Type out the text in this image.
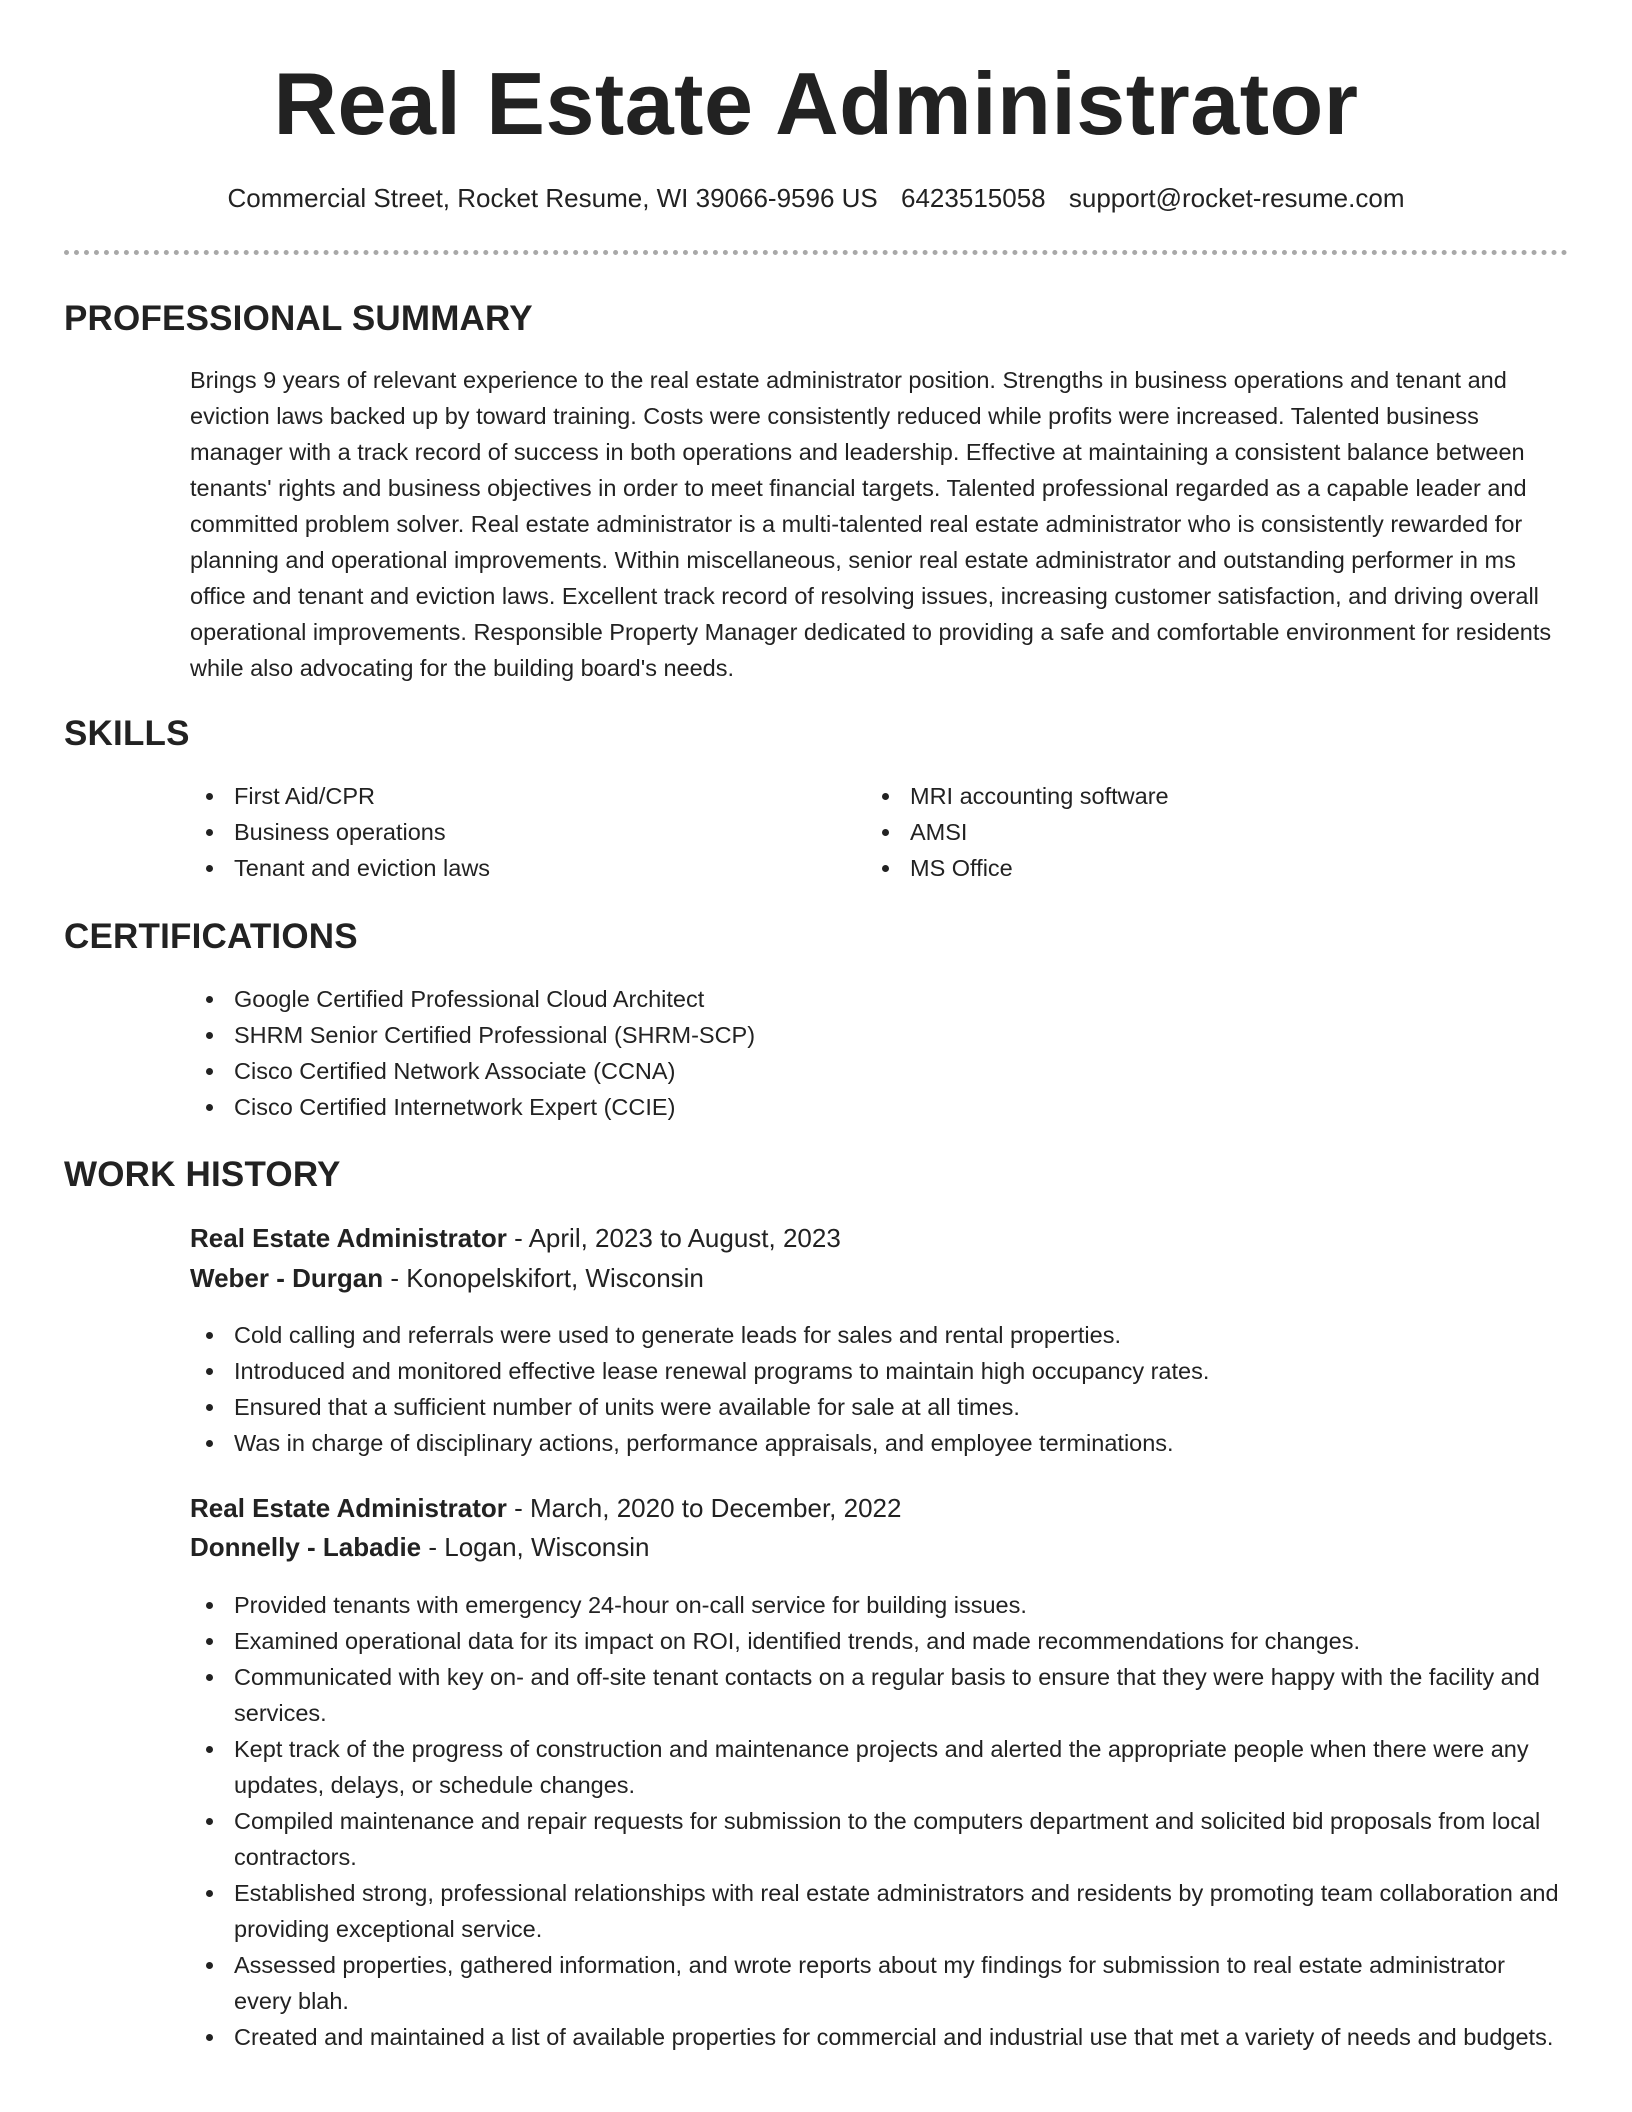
Real Estate Administrator

Commercial Street, Rocket Resume, WI 39066-9596 US 6423515058 support@rocket-resume.com

PROFESSIONAL SUMMARY

Brings 9 years of relevant experience to the real estate administrator position. Strengths in business operations and tenant and eviction laws backed up by toward training. Costs were consistently reduced while profits were increased. Talented business manager with a track record of success in both operations and leadership. Effective at maintaining a consistent balance between tenants' rights and business objectives in order to meet financial targets. Talented professional regarded as a capable leader and committed problem solver. Real estate administrator is a multi-talented real estate administrator who is consistently rewarded for planning and operational improvements. Within miscellaneous, senior real estate administrator and outstanding performer in ms office and tenant and eviction laws. Excellent track record of resolving issues, increasing customer satisfaction, and driving overall operational improvements. Responsible Property Manager dedicated to providing a safe and comfortable environment for residents while also advocating for the building board's needs.

SKILLS
First Aid/CPR
Business operations
Tenant and eviction laws
MRI accounting software
AMSI
MS Office
CERTIFICATIONS
Google Certified Professional Cloud Architect
SHRM Senior Certified Professional (SHRM-SCP)
Cisco Certified Network Associate (CCNA)
Cisco Certified Internetwork Expert (CCIE)
WORK HISTORY

Real Estate Administrator - April, 2023 to August, 2023

Weber - Durgan - Konopelskifort, Wisconsin

Cold calling and referrals were used to generate leads for sales and rental properties.
Introduced and monitored effective lease renewal programs to maintain high occupancy rates.
Ensured that a sufficient number of units were available for sale at all times.
Was in charge of disciplinary actions, performance appraisals, and employee terminations.

Real Estate Administrator - March, 2020 to December, 2022

Donnelly - Labadie - Logan, Wisconsin

Provided tenants with emergency 24-hour on-call service for building issues.
Examined operational data for its impact on ROI, identified trends, and made recommendations for changes.
Communicated with key on- and off-site tenant contacts on a regular basis to ensure that they were happy with the facility and services.
Kept track of the progress of construction and maintenance projects and alerted the appropriate people when there were any updates, delays, or schedule changes.
Compiled maintenance and repair requests for submission to the computers department and solicited bid proposals from local contractors.
Established strong, professional relationships with real estate administrators and residents by promoting team collaboration and providing exceptional service.
Assessed properties, gathered information, and wrote reports about my findings for submission to real estate administrator every blah.
Created and maintained a list of available properties for commercial and industrial use that met a variety of needs and budgets.
